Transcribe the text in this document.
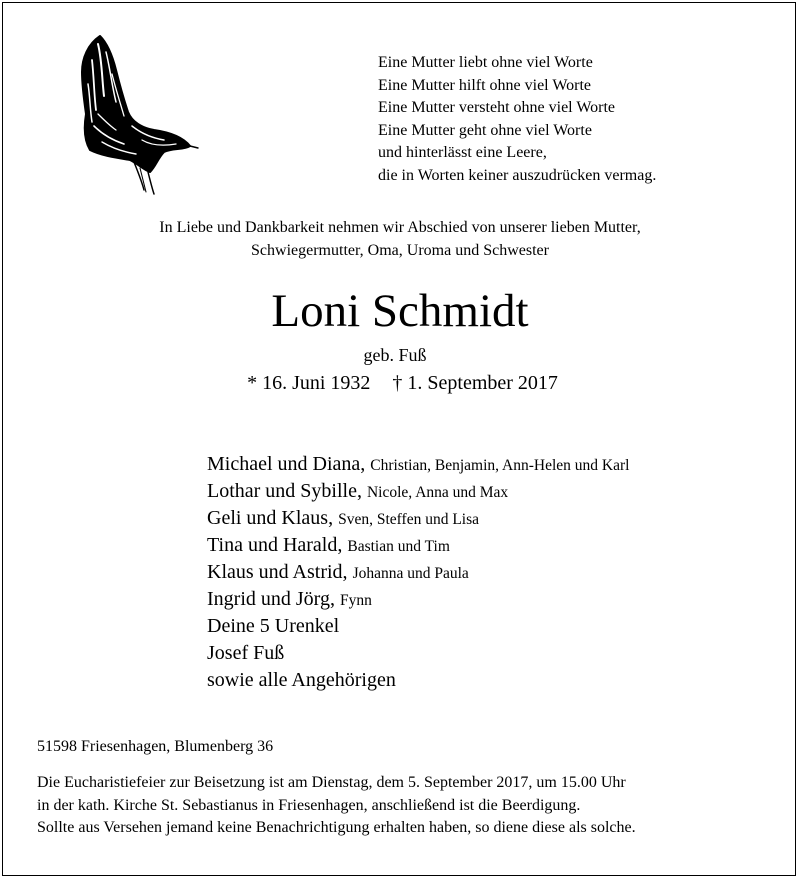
Eine Mutter liebt ohne viel Worte
Eine Mutter hilft ohne viel Worte
Eine Mutter versteht ohne viel Worte
Eine Mutter geht ohne viel Worte
und hinterlässt eine Leere,
die in Worten keiner auszudrücken vermag.
In Liebe und Dankbarkeit nehmen wir Abschied von unserer lieben Mutter,
Schwiegermutter, Oma, Uroma und Schwester
Loni Schmidt
geb. Fuß
* 16. Juni 1932 † 1. September 2017
Michael und Diana, Christian, Benjamin, Ann-Helen und Karl
Lothar und Sybille, Nicole, Anna und Max
Geli und Klaus, Sven, Steffen und Lisa
Tina und Harald, Bastian und Tim
Klaus und Astrid, Johanna und Paula
Ingrid und Jörg, Fynn
Deine 5 Urenkel
Josef Fuß
sowie alle Angehörigen
51598 Friesenhagen, Blumenberg 36
Die Eucharistiefeier zur Beisetzung ist am Dienstag, dem 5. September 2017, um 15.00 Uhr
in der kath. Kirche St. Sebastianus in Friesenhagen, anschließend ist die Beerdigung.
Sollte aus Versehen jemand keine Benachrichtigung erhalten haben, so diene diese als solche.
